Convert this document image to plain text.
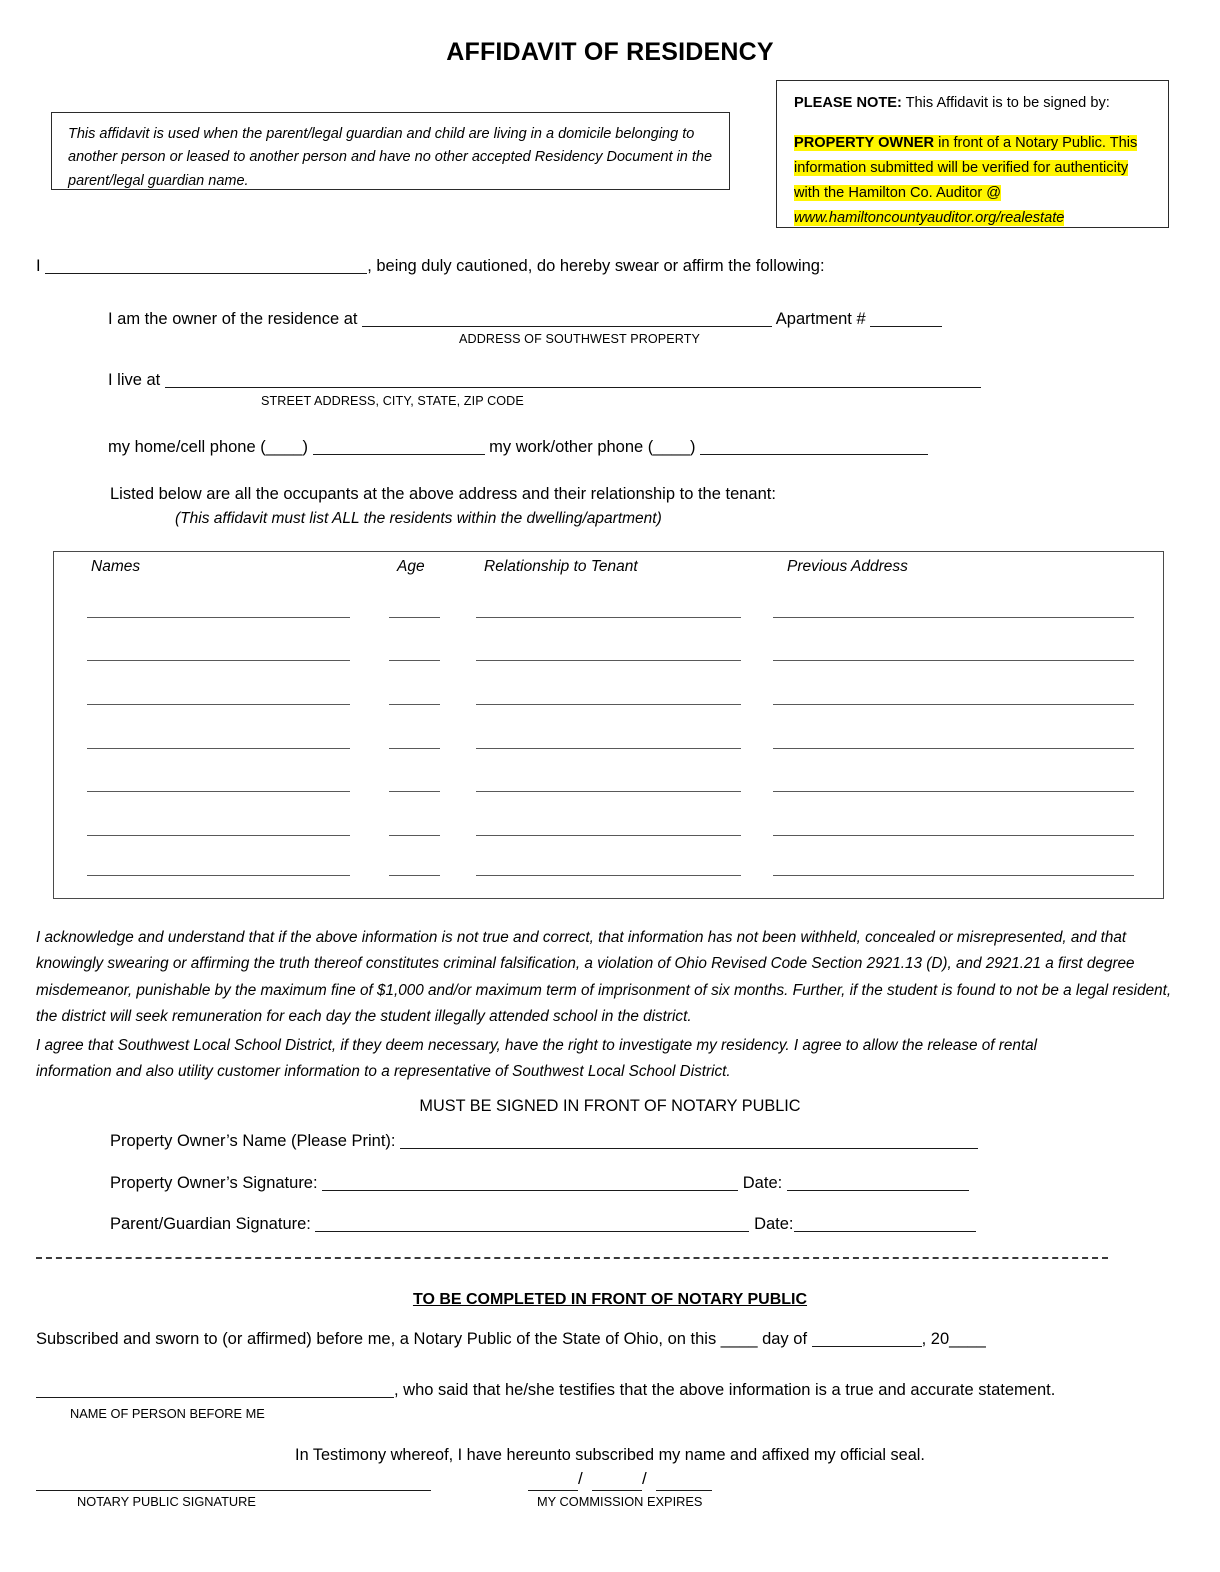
AFFIDAVIT OF RESIDENCY

This affidavit is used when the parent/legal guardian and child are living in a domicile belonging to another person or leased to another person and have no other accepted Residency Document in the parent/legal guardian name.

PLEASE NOTE: This Affidavit is to be signed by:
PROPERTY OWNER in front of a Notary Public. This information submitted will be verified for authenticity with the Hamilton Co. Auditor @ www.hamiltoncountyauditor.org/realestate
I	, being duly cautioned, do hereby swear or affirm the following:
I am the owner of the residence at	Apartment #
ADDRESS OF SOUTHWEST PROPERTY
I live at
STREET ADDRESS, CITY, STATE, ZIP CODE
my home/cell phone (____)	my work/other phone (____)
Listed below are all the occupants at the above address and their relationship to the tenant:
(This affidavit must list ALL the residents within the dwelling/apartment)
Names	Age	Relationship to Tenant	Previous Address
I acknowledge and understand that if the above information is not true and correct, that information has not been withheld, concealed or misrepresented, and that knowingly swearing or affirming the truth thereof constitutes criminal falsification, a violation of Ohio Revised Code Section 2921.13 (D), and 2921.21 a first degree misdemeanor, punishable by the maximum fine of $1,000 and/or maximum term of imprisonment of six months. Further, if the student is found to not be a legal resident, the district will seek remuneration for each day the student illegally attended school in the district.
I agree that Southwest Local School District, if they deem necessary, have the right to investigate my residency. I agree to allow the release of rental information and also utility customer information to a representative of Southwest Local School District.
MUST BE SIGNED IN FRONT OF NOTARY PUBLIC
Property Owner’s Name (Please Print):
Property Owner’s Signature:	Date:
Parent/Guardian Signature:	Date:
TO BE COMPLETED IN FRONT OF NOTARY PUBLIC
Subscribed and sworn to (or affirmed) before me, a Notary Public of the State of Ohio, on this ____ day of	, 20____
, who said that he/she testifies that the above information is a true and accurate statement.
NAME OF PERSON BEFORE ME
In Testimony whereof, I have hereunto subscribed my name and affixed my official seal.
NOTARY PUBLIC SIGNATURE
/	/
MY COMMISSION EXPIRES
